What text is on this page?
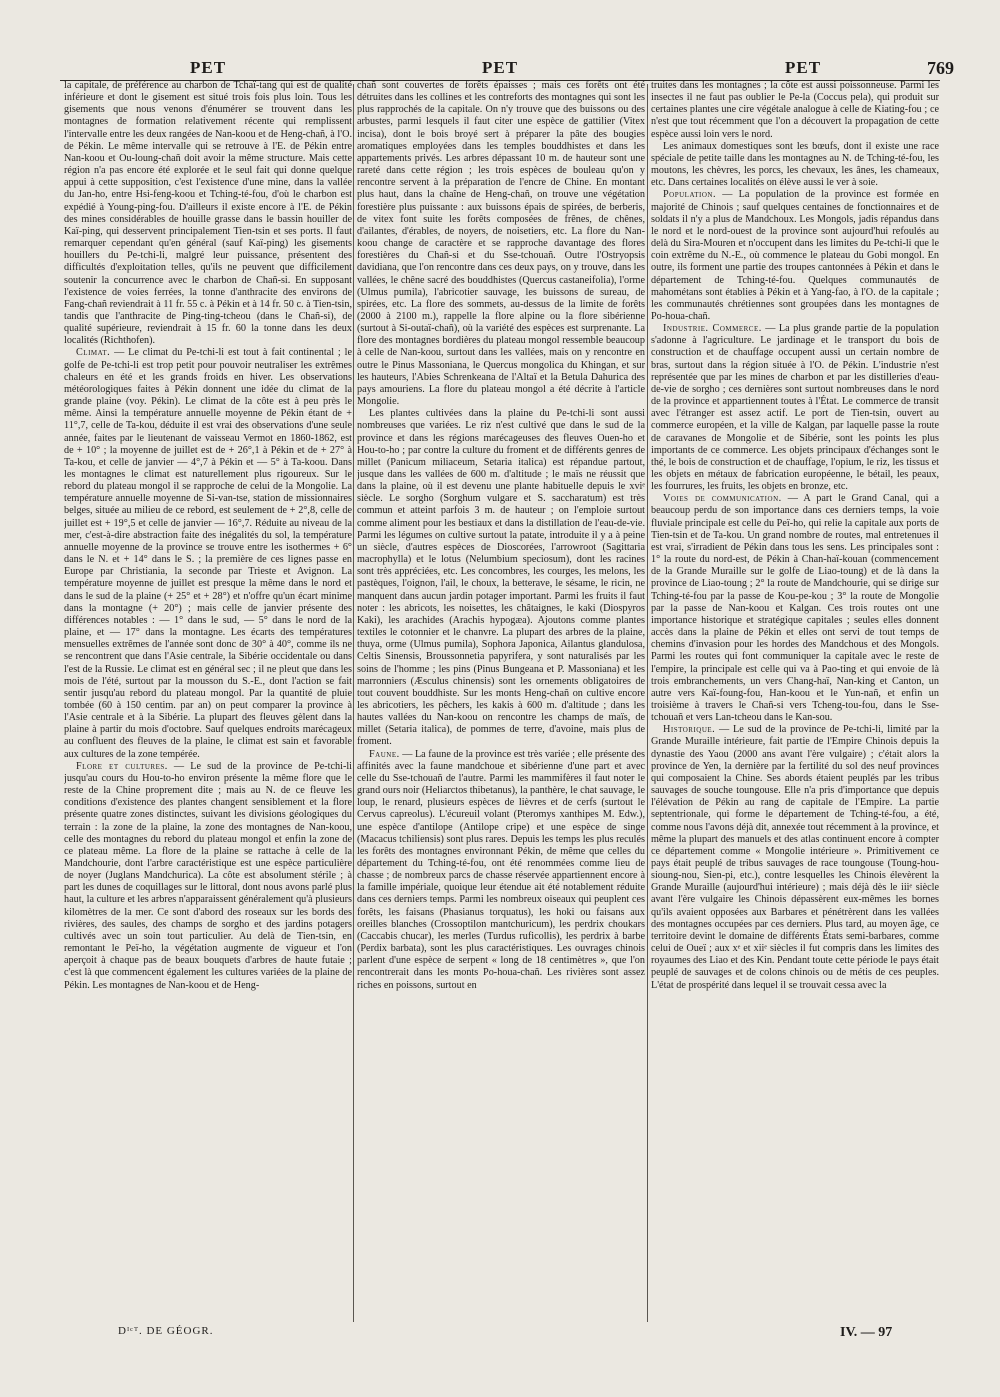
PET	PET	PET	769

la capitale, de préférence au charbon de Tchaï-tang qui est de qualité inférieure et dont le gisement est situé trois fois plus loin. Tous les gisements que nous venons d'énumérer se trouvent dans les montagnes de formation relativement récente qui remplissent l'intervalle entre les deux rangées de Nan-koou et de Heng-chañ, à l'O. de Pékin. Le même intervalle qui se retrouve à l'E. de Pékin entre Nan-koou et Ou-loung-chañ doit avoir la même structure. Mais cette région n'a pas encore été explorée et le seul fait qui donne quelque appui à cette supposition, c'est l'existence d'une mine, dans la vallée du Jan-ho, entre Hsi-feng-koou et Tching-té-fou, d'où le charbon est expédié à Young-ping-fou. D'ailleurs il existe encore à l'E. de Pékin des mines considérables de houille grasse dans le bassin houiller de Kaï-ping, qui desservent principalement Tien-tsin et ses ports. Il faut remarquer cependant qu'en général (sauf Kaï-ping) les gisements houillers du Pe-tchi-li, malgré leur puissance, présentent des difficultés d'exploitation telles, qu'ils ne peuvent que difficilement soutenir la concurrence avec le charbon de Chañ-si. En supposant l'existence de voies ferrées, la tonne d'anthracite des environs de Fang-chañ reviendrait à 11 fr. 55 c. à Pékin et à 14 fr. 50 c. à Tien-tsin, tandis que l'anthracite de Ping-ting-tcheou (dans le Chañ-si), de qualité supérieure, reviendrait à 15 fr. 60 la tonne dans les deux localités (Richthofen).

Climat. — Le climat du Pe-tchi-li est tout à fait continental ; le golfe de Pe-tchi-li est trop petit pour pouvoir neutraliser les extrêmes chaleurs en été et les grands froids en hiver. Les observations météorologiques faites à Pékin donnent une idée du climat de la grande plaine (voy. Pékin). Le climat de la côte est à peu près le même. Ainsi la température annuelle moyenne de Pékin étant de + 11°,7, celle de Ta-kou, déduite il est vrai des observations d'une seule année, faites par le lieutenant de vaisseau Vermot en 1860-1862, est de + 10° ; la moyenne de juillet est de + 26°,1 à Pékin et de + 27° à Ta-kou, et celle de janvier — 4°,7 à Pékin et — 5° à Ta-koou. Dans les montagnes le climat est naturellement plus rigoureux. Sur le rebord du plateau mongol il se rapproche de celui de la Mongolie. La température annuelle moyenne de Si-van-tse, station de missionnaires belges, située au milieu de ce rebord, est seulement de + 2°,8, celle de juillet est + 19°,5 et celle de janvier — 16°,7. Réduite au niveau de la mer, c'est-à-dire abstraction faite des inégalités du sol, la température annuelle moyenne de la province se trouve entre les isothermes + 6° dans le N. et + 14° dans le S. ; la première de ces lignes passe en Europe par Christiania, la seconde par Trieste et Avignon. La température moyenne de juillet est presque la même dans le nord et dans le sud de la plaine (+ 25° et + 28°) et n'offre qu'un écart minime dans la montagne (+ 20°) ; mais celle de janvier présente des différences notables : — 1° dans le sud, — 5° dans le nord de la plaine, et — 17° dans la montagne. Les écarts des températures mensuelles extrêmes de l'année sont donc de 30° à 40°, comme ils ne se rencontrent que dans l'Asie centrale, la Sibérie occidentale ou dans l'est de la Russie. Le climat est en général sec ; il ne pleut que dans les mois de l'été, surtout par la mousson du S.-E., dont l'action se fait sentir jusqu'au rebord du plateau mongol. Par la quantité de pluie tombée (60 à 150 centim. par an) on peut comparer la province à l'Asie centrale et à la Sibérie. La plupart des fleuves gèlent dans la plaine à partir du mois d'octobre. Sauf quelques endroits marécageux au confluent des fleuves de la plaine, le climat est sain et favorable aux cultures de la zone tempérée.

Flore et cultures. — Le sud de la province de Pe-tchi-li jusqu'au cours du Hou-to-ho environ présente la même flore que le reste de la Chine proprement dite ; mais au N. de ce fleuve les conditions d'existence des plantes changent sensiblement et la flore présente quatre zones distinctes, suivant les divisions géologiques du terrain : la zone de la plaine, la zone des montagnes de Nan-koou, celle des montagnes du rebord du plateau mongol et enfin la zone de ce plateau même. La flore de la plaine se rattache à celle de la Mandchourie, dont l'arbre caractéristique est une espèce particulière de noyer (Juglans Mandchurica). La côte est absolument stérile ; à part les dunes de coquillages sur le littoral, dont nous avons parlé plus haut, la culture et les arbres n'apparaissent généralement qu'à plusieurs kilomètres de la mer. Ce sont d'abord des roseaux sur les bords des rivières, des saules, des champs de sorgho et des jardins potagers cultivés avec un soin tout particulier. Au delà de Tien-tsin, en remontant le Peï-ho, la végétation augmente de vigueur et l'on aperçoit à chaque pas de beaux bouquets d'arbres de haute futaie ; c'est là que commencent également les cultures variées de la plaine de Pékin. Les montagnes de Nan-koou et de Heng-

chañ sont couvertes de forêts épaisses ; mais ces forêts ont été détruites dans les collines et les contreforts des montagnes qui sont les plus rapprochés de la capitale. On n'y trouve que des buissons ou des arbustes, parmi lesquels il faut citer une espèce de gattilier (Vitex incisa), dont le bois broyé sert à préparer la pâte des bougies aromatiques employées dans les temples bouddhistes et dans les appartements privés. Les arbres dépassant 10 m. de hauteur sont une rareté dans cette région ; les trois espèces de bouleau qu'on y rencontre servent à la préparation de l'encre de Chine. En montant plus haut, dans la chaîne de Heng-chañ, on trouve une végétation forestière plus puissante : aux buissons épais de spirées, de berberis, de vitex font suite les forêts composées de frênes, de chênes, d'ailantes, d'érables, de noyers, de noisetiers, etc. La flore du Nan-koou change de caractère et se rapproche davantage des flores forestières du Chañ-si et du Sse-tchouañ. Outre l'Ostryopsis davidiana, que l'on rencontre dans ces deux pays, on y trouve, dans les vallées, le chêne sacré des bouddhistes (Quercus castaneifolia), l'orme (Ulmus pumila), l'abricotier sauvage, les buissons de sureau, de spirées, etc. La flore des sommets, au-dessus de la limite de forêts (2000 à 2100 m.), rappelle la flore alpine ou la flore sibérienne (surtout à Si-outaï-chañ), où la variété des espèces est surprenante. La flore des montagnes bordières du plateau mongol ressemble beaucoup à celle de Nan-koou, surtout dans les vallées, mais on y rencontre en outre le Pinus Massoniana, le Quercus mongolica du Khingan, et sur les hauteurs, l'Abies Schrenkeana de l'Altaï et la Betula Dahurica des pays amouriens. La flore du plateau mongol a été décrite à l'article Mongolie.

Les plantes cultivées dans la plaine du Pe-tchi-li sont aussi nombreuses que variées. Le riz n'est cultivé que dans le sud de la province et dans les régions marécageuses des fleuves Ouen-ho et Hou-to-ho ; par contre la culture du froment et de différents genres de millet (Panicum miliaceum, Setaria italica) est répandue partout, jusque dans les vallées de 600 m. d'altitude ; le maïs ne réussit que dans la plaine, où il est devenu une plante habituelle depuis le xviᵉ siècle. Le sorgho (Sorghum vulgare et S. saccharatum) est très commun et atteint parfois 3 m. de hauteur ; on l'emploie surtout comme aliment pour les bestiaux et dans la distillation de l'eau-de-vie. Parmi les légumes on cultive surtout la patate, introduite il y a à peine un siècle, d'autres espèces de Dioscorées, l'arrowroot (Sagittaria macrophylla) et le lotus (Nelumbium speciosum), dont les racines sont très appréciées, etc. Les concombres, les courges, les melons, les pastèques, l'oignon, l'ail, le choux, la betterave, le sésame, le ricin, ne manquent dans aucun jardin potager important. Parmi les fruits il faut noter : les abricots, les noisettes, les châtaignes, le kaki (Diospyros Kaki), les arachides (Arachis hypogæa). Ajoutons comme plantes textiles le cotonnier et le chanvre. La plupart des arbres de la plaine, thuya, orme (Ulmus pumila), Sophora Japonica, Ailantus glandulosa, Celtis Sinensis, Broussonnetia papyrifera, y sont naturalisés par les soins de l'homme ; les pins (Pinus Bungeana et P. Massoniana) et les marronniers (Æsculus chinensis) sont les ornements obligatoires de tout couvent bouddhiste. Sur les monts Heng-chañ on cultive encore les abricotiers, les pêchers, les kakis à 600 m. d'altitude ; dans les hautes vallées du Nan-koou on rencontre les champs de maïs, de millet (Setaria italica), de pommes de terre, d'avoine, mais plus de froment.

Faune. — La faune de la province est très variée ; elle présente des affinités avec la faune mandchoue et sibérienne d'une part et avec celle du Sse-tchouañ de l'autre. Parmi les mammifères il faut noter le grand ours noir (Heliarctos thibetanus), la panthère, le chat sauvage, le loup, le renard, plusieurs espèces de lièvres et de cerfs (surtout le Cervus capreolus). L'écureuil volant (Pteromys xanthipes M. Edw.), une espèce d'antilope (Antilope cripe) et une espèce de singe (Macacus tchiliensis) sont plus rares. Depuis les temps les plus reculés les forêts des montagnes environnant Pékin, de même que celles du département du Tching-té-fou, ont été renommées comme lieu de chasse ; de nombreux parcs de chasse réservée appartiennent encore à la famille impériale, quoique leur étendue ait été notablement réduite dans ces derniers temps. Parmi les nombreux oiseaux qui peuplent ces forêts, les faisans (Phasianus torquatus), les hoki ou faisans aux oreilles blanches (Crossoptilon mantchuricum), les perdrix choukars (Caccabis chucar), les merles (Turdus ruficollis), les perdrix à barbe (Perdix barbata), sont les plus caractéristiques. Les ouvrages chinois parlent d'une espèce de serpent « long de 18 centimètres », que l'on rencontrerait dans les monts Po-houa-chañ. Les rivières sont assez riches en poissons, surtout en

truites dans les montagnes ; la côte est aussi poissonneuse. Parmi les insectes il ne faut pas oublier le Pe-la (Coccus pela), qui produit sur certaines plantes une cire végétale analogue à celle de Kiating-fou ; ce n'est que tout récemment que l'on a découvert la propagation de cette espèce aussi loin vers le nord.

Les animaux domestiques sont les bœufs, dont il existe une race spéciale de petite taille dans les montagnes au N. de Tching-té-fou, les moutons, les chèvres, les porcs, les chevaux, les ânes, les chameaux, etc. Dans certaines localités on élève aussi le ver à soie.

Population. — La population de la province est formée en majorité de Chinois ; sauf quelques centaines de fonctionnaires et de soldats il n'y a plus de Mandchoux. Les Mongols, jadis répandus dans le nord et le nord-ouest de la province sont aujourd'hui refoulés au delà du Sira-Mouren et n'occupent dans les limites du Pe-tchi-li que le coin extrême du N.-E., où commence le plateau du Gobi mongol. En outre, ils forment une partie des troupes cantonnées à Pékin et dans le département de Tching-té-fou. Quelques communautés de mahométans sont établies à Pékin et à Yang-fao, à l'O. de la capitale ; les communautés chrétiennes sont groupées dans les montagnes de Po-houa-chañ.

Industrie. Commerce. — La plus grande partie de la population s'adonne à l'agriculture. Le jardinage et le transport du bois de construction et de chauffage occupent aussi un certain nombre de bras, surtout dans la région située à l'O. de Pékin. L'industrie n'est représentée que par les mines de charbon et par les distilleries d'eau-de-vie de sorgho ; ces dernières sont surtout nombreuses dans le nord de la province et appartiennent toutes à l'État. Le commerce de transit avec l'étranger est assez actif. Le port de Tien-tsin, ouvert au commerce européen, et la ville de Kalgan, par laquelle passe la route de caravanes de Mongolie et de Sibérie, sont les points les plus importants de ce commerce. Les objets principaux d'échanges sont le thé, le bois de construction et de chauffage, l'opium, le riz, les tissus et les objets en métaux de fabrication européenne, le bétail, les peaux, les fourrures, les fruits, les objets en bronze, etc.

Voies de communication. — A part le Grand Canal, qui a beaucoup perdu de son importance dans ces derniers temps, la voie fluviale principale est celle du Peï-ho, qui relie la capitale aux ports de Tien-tsin et de Ta-kou. Un grand nombre de routes, mal entretenues il est vrai, s'irradient de Pékin dans tous les sens. Les principales sont : 1° la route du nord-est, de Pékin à Chan-haï-kouan (commencement de la Grande Muraille sur le golfe de Liao-toung) et de là dans la province de Liao-toung ; 2° la route de Mandchourie, qui se dirige sur Tching-té-fou par la passe de Kou-pe-kou ; 3° la route de Mongolie par la passe de Nan-koou et Kalgan. Ces trois routes ont une importance historique et stratégique capitales ; seules elles donnent accès dans la plaine de Pékin et elles ont servi de tout temps de chemins d'invasion pour les hordes des Mandchous et des Mongols. Parmi les routes qui font communiquer la capitale avec le reste de l'empire, la principale est celle qui va à Pao-ting et qui envoie de là trois embranchements, un vers Chang-haï, Nan-king et Canton, un autre vers Kaï-foung-fou, Han-koou et le Yun-nañ, et enfin un troisième à travers le Chañ-si vers Tcheng-tou-fou, dans le Sse-tchouañ et vers Lan-tcheou dans le Kan-sou.

Historique. — Le sud de la province de Pe-tchi-li, limité par la Grande Muraille intérieure, fait partie de l'Empire Chinois depuis la dynastie des Yaou (2000 ans avant l'ère vulgaire) ; c'était alors la province de Yen, la dernière par la fertilité du sol des neuf provinces qui composaient la Chine. Ses abords étaient peuplés par les tribus sauvages de souche toungouse. Elle n'a pris d'importance que depuis l'élévation de Pékin au rang de capitale de l'Empire. La partie septentrionale, qui forme le département de Tching-té-fou, a été, comme nous l'avons déjà dit, annexée tout récemment à la province, et même la plupart des manuels et des atlas continuent encore à compter ce département comme « Mongolie intérieure ». Primitivement ce pays était peuplé de tribus sauvages de race toungouse (Toung-hou-sioung-nou, Sien-pi, etc.), contre lesquelles les Chinois élevèrent la Grande Muraille (aujourd'hui intérieure) ; mais déjà dès le iiiᵉ siècle avant l'ère vulgaire les Chinois dépassèrent eux-mêmes les bornes qu'ils avaient opposées aux Barbares et pénétrèrent dans les vallées des montagnes occupées par ces derniers. Plus tard, au moyen âge, ce territoire devint le domaine de différents États semi-barbares, comme celui de Oueï ; aux xᵉ et xiiᵉ siècles il fut compris dans les limites des royaumes des Liao et des Kin. Pendant toute cette période le pays était peuplé de sauvages et de colons chinois ou de métis de ces peuples. L'état de prospérité dans lequel il se trouvait cessa avec la

Dᴵᶜᵀ. DE GÉOGR.	IV. — 97
